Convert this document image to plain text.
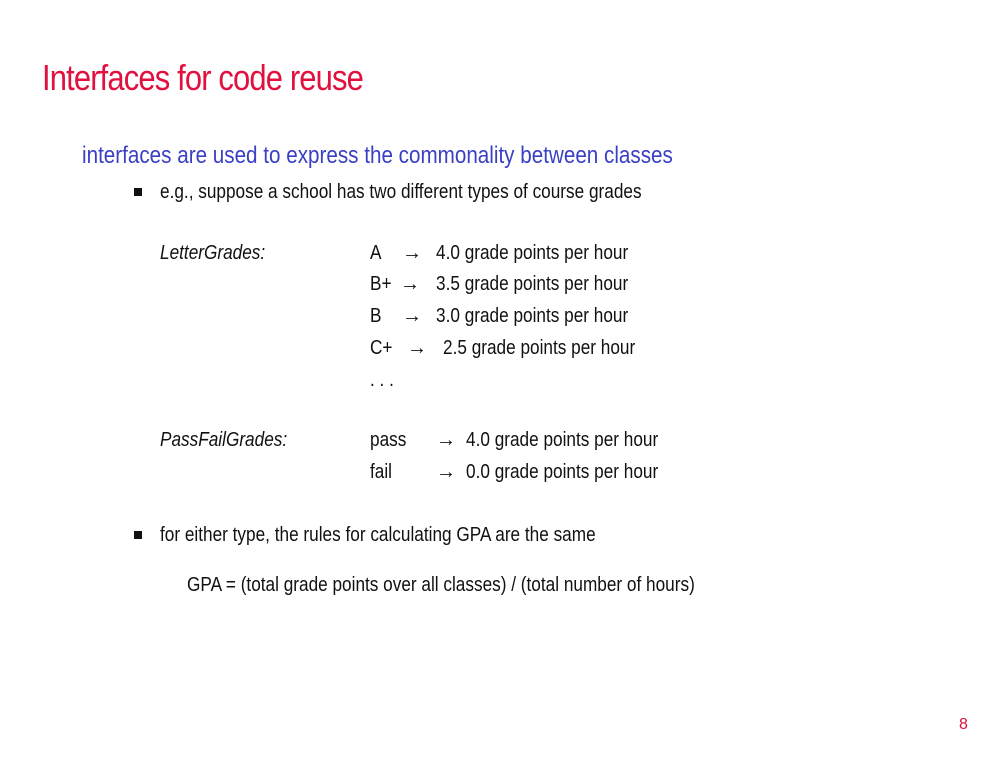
Interfaces for code reuse
interfaces are used to express the commonality between classes
e.g., suppose a school has two different types of course grades
LetterGrades:	A → 4.0 grade points per hour
B+ → 3.5 grade points per hour
B → 3.0 grade points per hour
C+ → 2.5 grade points per hour
. . .
PassFailGrades:	pass → 4.0 grade points per hour
fail → 0.0 grade points per hour
for either type, the rules for calculating GPA are the same
GPA = (total grade points over all classes) / (total number of hours)
8
